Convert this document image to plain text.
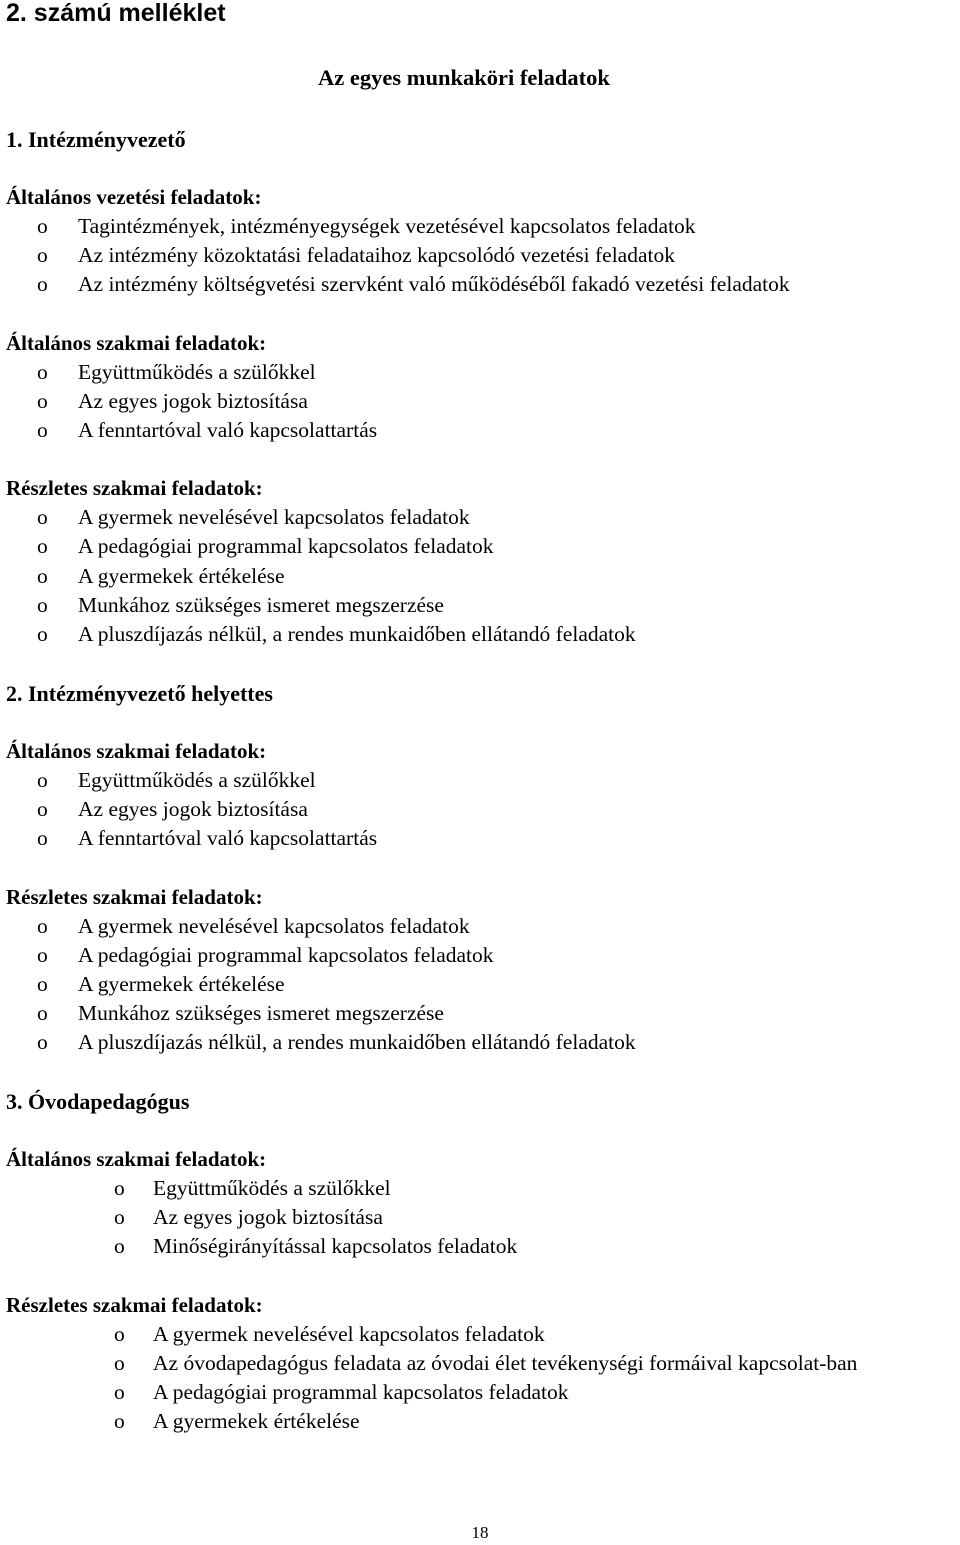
2. számú melléklet
Az egyes munkaköri feladatok
1. Intézményvezető
Általános vezetési feladatok:
o	Tagintézmények, intézményegységek vezetésével kapcsolatos feladatok
o	Az intézmény közoktatási feladataihoz kapcsolódó vezetési feladatok
o	Az intézmény költségvetési szervként való működéséből fakadó vezetési feladatok
Általános szakmai feladatok:
o	Együttműködés a szülőkkel
o	Az egyes jogok biztosítása
o	A fenntartóval való kapcsolattartás
Részletes szakmai feladatok:
o	A gyermek nevelésével kapcsolatos feladatok
o	A pedagógiai programmal kapcsolatos feladatok
o	A gyermekek értékelése
o	Munkához szükséges ismeret megszerzése
o	A pluszdíjazás nélkül, a rendes munkaidőben ellátandó feladatok
2. Intézményvezető helyettes
Általános szakmai feladatok:
o	Együttműködés a szülőkkel
o	Az egyes jogok biztosítása
o	A fenntartóval való kapcsolattartás
Részletes szakmai feladatok:
o	A gyermek nevelésével kapcsolatos feladatok
o	A pedagógiai programmal kapcsolatos feladatok
o	A gyermekek értékelése
o	Munkához szükséges ismeret megszerzése
o	A pluszdíjazás nélkül, a rendes munkaidőben ellátandó feladatok
3. Óvodapedagógus
Általános szakmai feladatok:
o	Együttműködés a szülőkkel
o	Az egyes jogok biztosítása
o	Minőségirányítással kapcsolatos feladatok
Részletes szakmai feladatok:
o	A gyermek nevelésével kapcsolatos feladatok
o	Az óvodapedagógus feladata az óvodai élet tevékenységi formáival kapcsolat-​ban
o	A pedagógiai programmal kapcsolatos feladatok
o	A gyermekek értékelése
18
